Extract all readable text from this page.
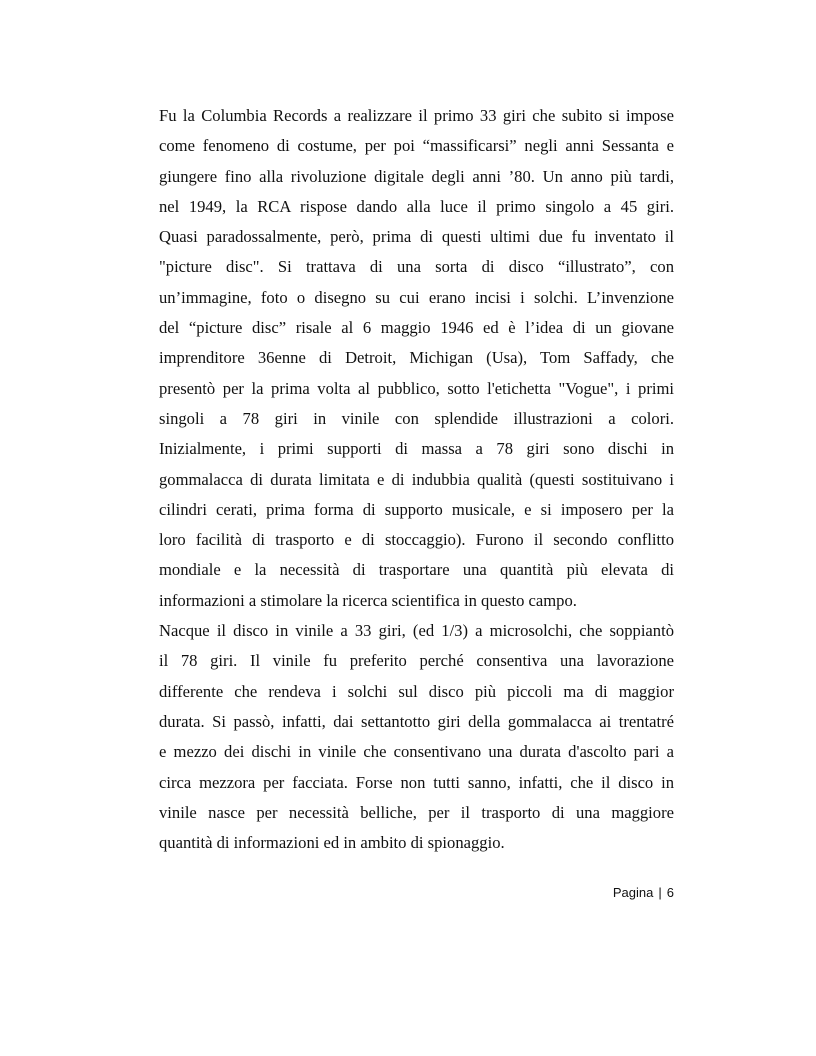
Fu la Columbia Records a realizzare il primo 33 giri che subito si impose
come fenomeno di costume, per poi “massificarsi” negli anni Sessanta e
giungere fino alla rivoluzione digitale degli anni ’80. Un anno più tardi,
nel 1949, la RCA rispose dando alla luce il primo singolo a 45 giri.
Quasi paradossalmente, però, prima di questi ultimi due fu inventato il
"picture disc". Si trattava di una sorta di disco “illustrato”, con
un’immagine, foto o disegno su cui erano incisi i solchi. L’invenzione
del “picture disc” risale al 6 maggio 1946 ed è l’idea di un giovane
imprenditore 36enne di Detroit, Michigan (Usa), Tom Saffady, che
presentò per la prima volta al pubblico, sotto l'etichetta "Vogue", i primi
singoli a 78 giri in vinile con splendide illustrazioni a colori.
Inizialmente, i primi supporti di massa a 78 giri sono dischi in
gommalacca di durata limitata e di indubbia qualità (questi sostituivano i
cilindri cerati, prima forma di supporto musicale, e si imposero per la
loro facilità di trasporto e di stoccaggio). Furono il secondo conflitto
mondiale e la necessità di trasportare una quantità più elevata di
informazioni a stimolare la ricerca scientifica in questo campo.
Nacque il disco in vinile a 33 giri, (ed 1/3) a microsolchi, che soppiantò
il 78 giri. Il vinile fu preferito perché consentiva una lavorazione
differente che rendeva i solchi sul disco più piccoli ma di maggior
durata. Si passò, infatti, dai settantotto giri della gommalacca ai trentatré
e mezzo dei dischi in vinile che consentivano una durata d'ascolto pari a
circa mezzora per facciata. Forse non tutti sanno, infatti, che il disco in
vinile nasce per necessità belliche, per il trasporto di una maggiore
quantità di informazioni ed in ambito di spionaggio.
Pagina | 6
